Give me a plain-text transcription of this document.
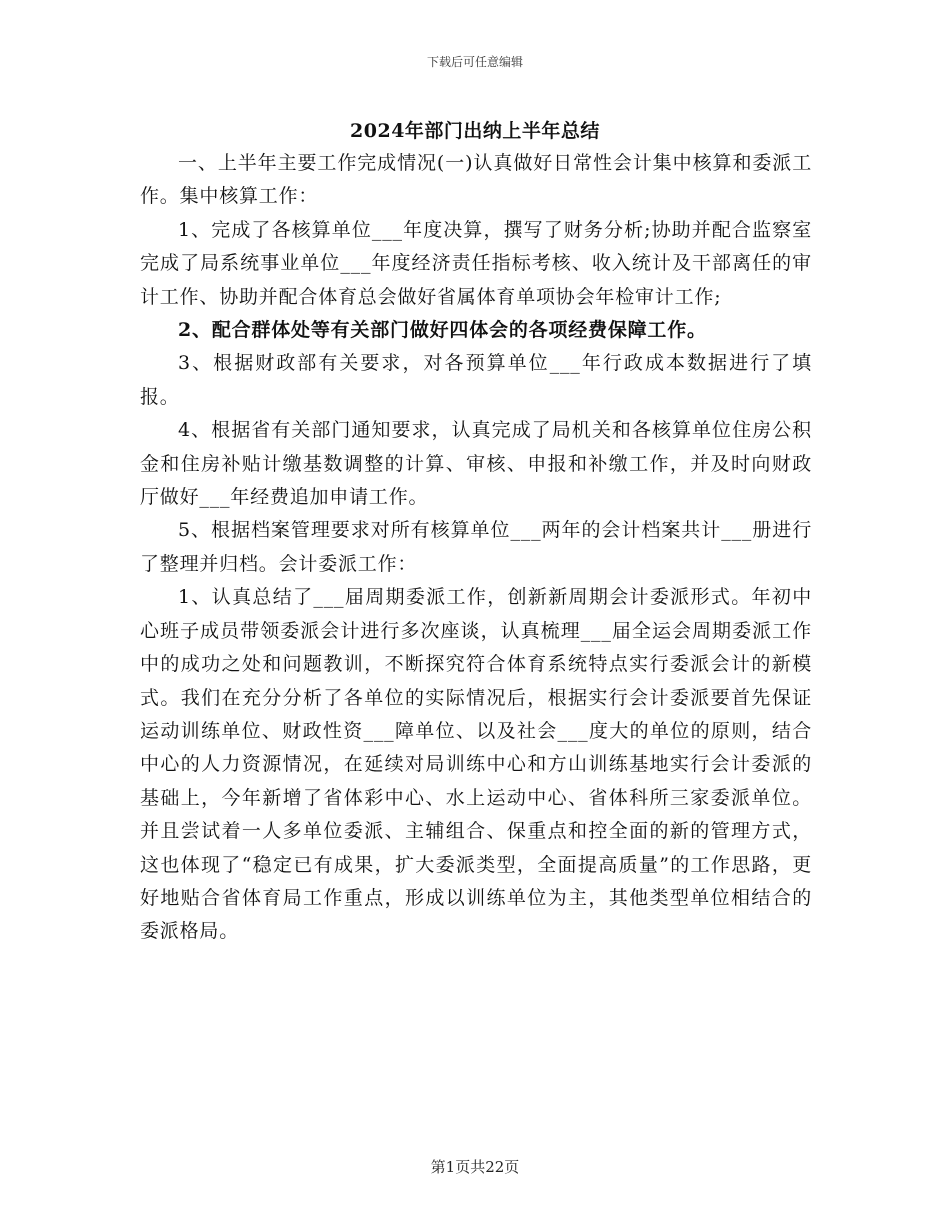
下载后可任意编辑
2024年部门出纳上半年总结

一、上半年主要工作完成情况(一)认真做好日常性会计集中核算和委派工作。集中核算工作：

1、完成了各核算单位___年度决算，撰写了财务分析;协助并配合监察室完成了局系统事业单位___年度经济责任指标考核、收入统计及干部离任的审计工作、协助并配合体育总会做好省属体育单项协会年检审计工作;

2、配合群体处等有关部门做好四体会的各项经费保障工作。

3、根据财政部有关要求，对各预算单位___年行政成本数据进行了填报。

4、根据省有关部门通知要求，认真完成了局机关和各核算单位住房公积金和住房补贴计缴基数调整的计算、审核、申报和补缴工作，并及时向财政厅做好___年经费追加申请工作。

5、根据档案管理要求对所有核算单位___两年的会计档案共计___册进行了整理并归档。会计委派工作：

1、认真总结了___届周期委派工作，创新新周期会计委派形式。年初中心班子成员带领委派会计进行多次座谈，认真梳理___届全运会周期委派工作中的成功之处和问题教训，不断探究符合体育系统特点实行委派会计的新模式。我们在充分分析了各单位的实际情况后，根据实行会计委派要首先保证运动训练单位、财政性资___障单位、以及社会___度大的单位的原则，结合中心的人力资源情况，在延续对局训练中心和方山训练基地实行会计委派的基础上，今年新增了省体彩中心、水上运动中心、省体科所三家委派单位。并且尝试着一人多单位委派、主辅组合、保重点和控全面的新的管理方式，这也体现了“稳定已有成果，扩大委派类型，全面提高质量”的工作思路，更好地贴合省体育局工作重点，形成以训练单位为主，其他类型单位相结合的委派格局。

第1页共22页
